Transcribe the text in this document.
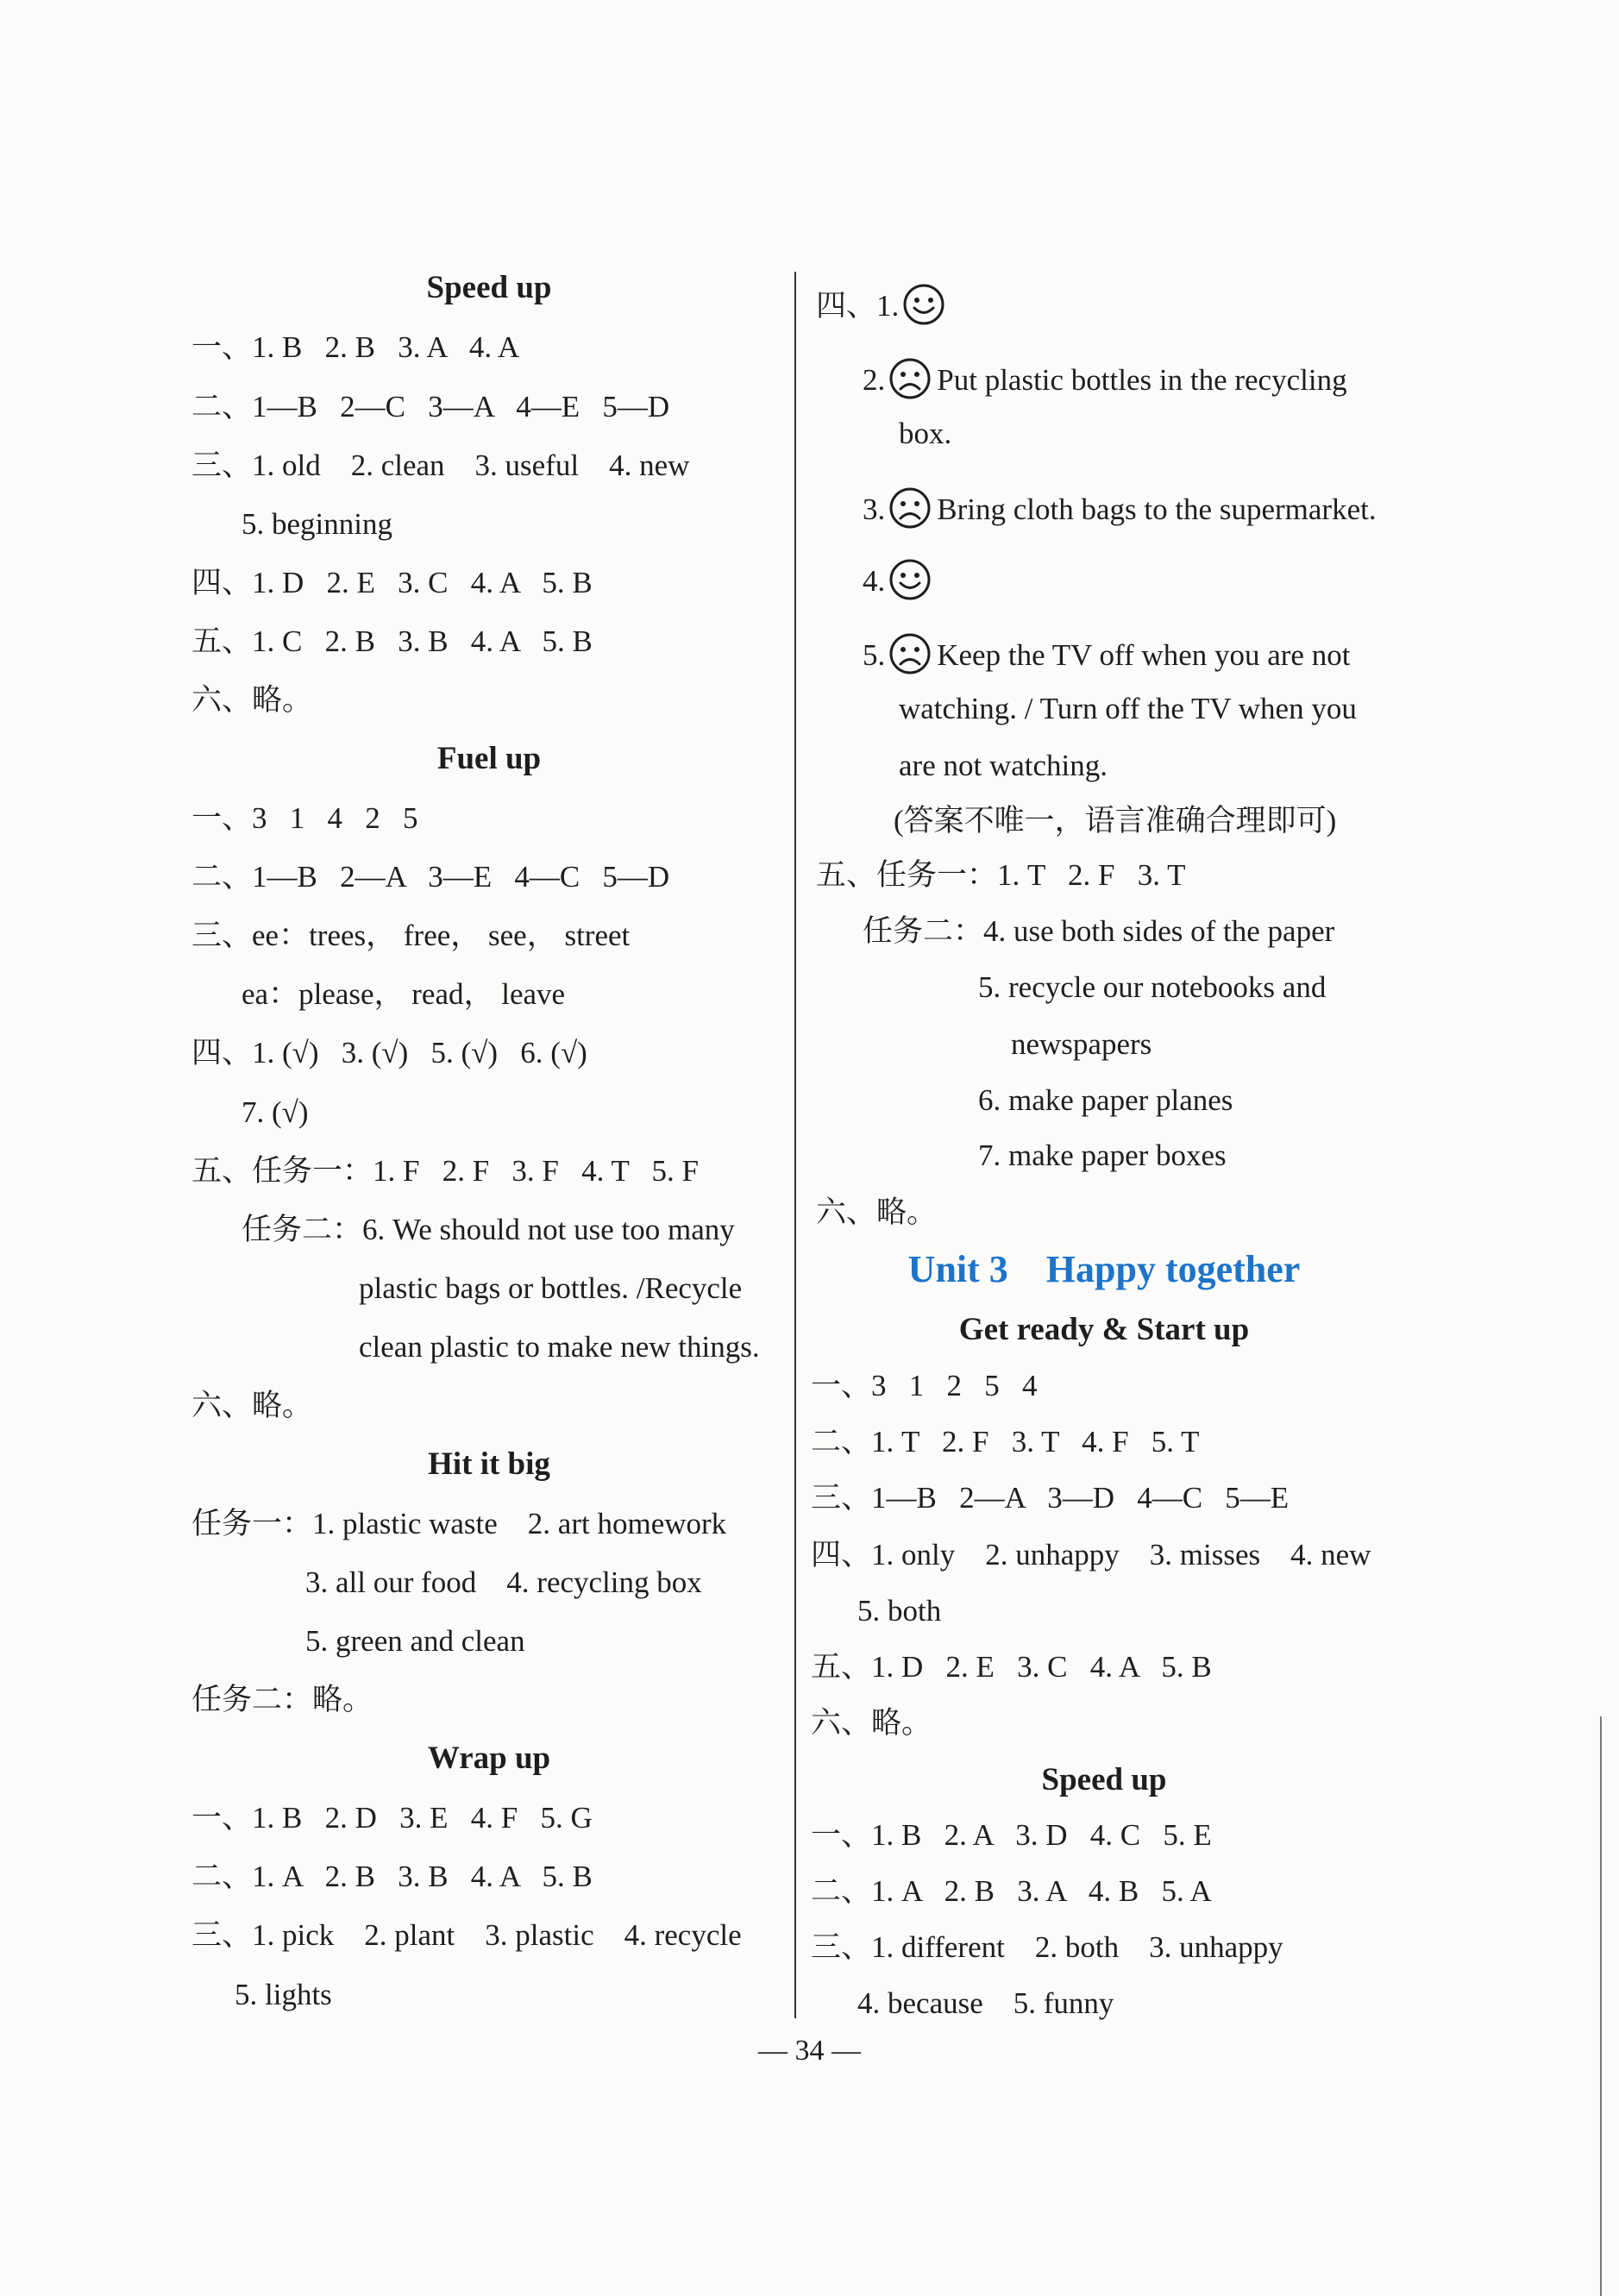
Speed up
一、1. B   2. B   3. A   4. A
二、1—B   2—C   3—A   4—E   5—D
三、1. old    2. clean    3. useful    4. new
5. beginning
四、1. D   2. E   3. C   4. A   5. B
五、1. C   2. B   3. B   4. A   5. B
六、略。
Fuel up
一、3   1   4   2   5
二、1—B   2—A   3—E   4—C   5—D
三、ee：trees， free， see， street
ea：please， read， leave
四、1. (√)   3. (√)   5. (√)   6. (√)
7. (√)
五、任务一：1. F   2. F   3. F   4. T   5. F
任务二：6. We should not use too many
plastic bags or bottles. /Recycle
clean plastic to make new things.
六、略。
Hit it big
任务一：1. plastic waste    2. art homework
3. all our food    4. recycling box
5. green and clean
任务二：略。
Wrap up
一、1. B   2. D   3. E   4. F   5. G
二、1. A   2. B   3. B   4. A   5. B
三、1. pick    2. plant    3. plastic    4. recycle
5. lights
四、1.
2. Put plastic bottles in the recycling
box.
3. Bring cloth bags to the supermarket.
4.
5. Keep the TV off when you are not
watching. / Turn off the TV when you
are not watching.
(答案不唯一，语言准确合理即可)
五、任务一：1. T   2. F   3. T
任务二：4. use both sides of the paper
5. recycle our notebooks and
newspapers
6. make paper planes
7. make paper boxes
六、略。
Unit 3    Happy together
Get ready & Start up
一、3   1   2   5   4
二、1. T   2. F   3. T   4. F   5. T
三、1—B   2—A   3—D   4—C   5—E
四、1. only    2. unhappy    3. misses    4. new
5. both
五、1. D   2. E   3. C   4. A   5. B
六、略。
Speed up
一、1. B   2. A   3. D   4. C   5. E
二、1. A   2. B   3. A   4. B   5. A
三、1. different    2. both    3. unhappy
4. because    5. funny
— 34 —
